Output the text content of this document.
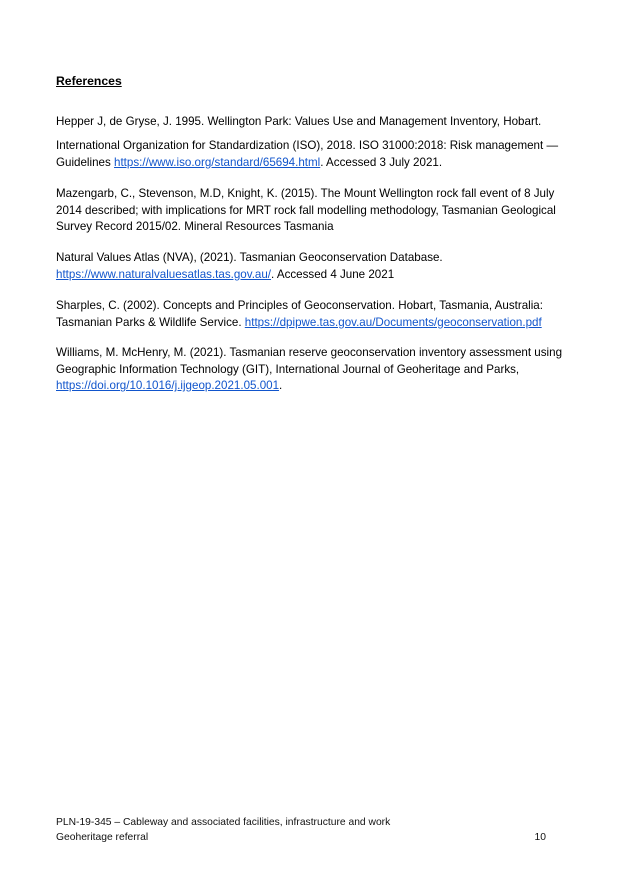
References

Hepper J, de Gryse, J. 1995. Wellington Park: Values Use and Management Inventory, Hobart.

International Organization for Standardization (ISO), 2018. ISO 31000:2018: Risk management —
Guidelines https://www.iso.org/standard/65694.html. Accessed 3 July 2021.

Mazengarb, C., Stevenson, M.D, Knight, K. (2015). The Mount Wellington rock fall event of 8 July
2014 described; with implications for MRT rock fall modelling methodology, Tasmanian Geological
Survey Record 2015/02. Mineral Resources Tasmania

Natural Values Atlas (NVA), (2021). Tasmanian Geoconservation Database.
https://www.naturalvaluesatlas.tas.gov.au/. Accessed 4 June 2021

Sharples, C. (2002). Concepts and Principles of Geoconservation. Hobart, Tasmania, Australia:
Tasmanian Parks & Wildlife Service. https://dpipwe.tas.gov.au/Documents/geoconservation.pdf

Williams, M. McHenry, M. (2021). Tasmanian reserve geoconservation inventory assessment using
Geographic Information Technology (GIT), International Journal of Geoheritage and Parks,
https://doi.org/10.1016/j.ijgeop.2021.05.001.

PLN-19-345 – Cableway and associated facilities, infrastructure and work
Geoheritage referral	10
